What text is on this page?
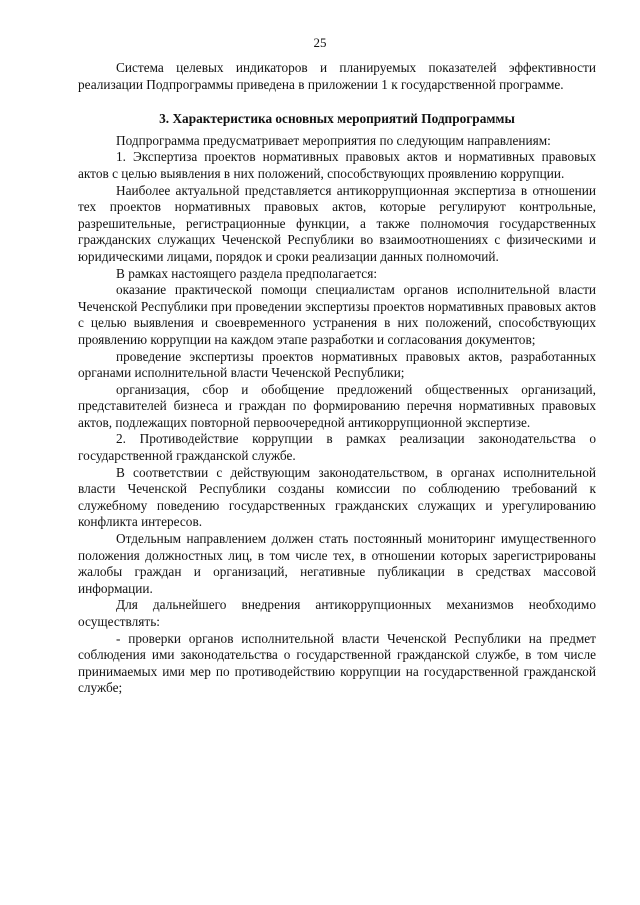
25

Система целевых индикаторов и планируемых показателей эффективности реализации Подпрограммы приведена в приложении 1 к государственной программе.

3. Характеристика основных мероприятий Подпрограммы

Подпрограмма предусматривает мероприятия по следующим направлениям:

1. Экспертиза проектов нормативных правовых актов и нормативных правовых актов с целью выявления в них положений, способствующих проявлению коррупции.

Наиболее актуальной представляется антикоррупционная экспертиза в отношении тех проектов нормативных правовых актов, которые регулируют контрольные, разрешительные, регистрационные функции, а также полномочия государственных гражданских служащих Чеченской Республики во взаимоотношениях с физическими и юридическими лицами, порядок и сроки реализации данных полномочий.

В рамках настоящего раздела предполагается:

оказание практической помощи специалистам органов исполнительной власти Чеченской Республики при проведении экспертизы проектов нормативных правовых актов с целью выявления и своевременного устранения в них положений, способствующих проявлению коррупции на каждом этапе разработки и согласования документов;

проведение экспертизы проектов нормативных правовых актов, разработанных органами исполнительной власти Чеченской Республики;

организация, сбор и обобщение предложений общественных организаций, представителей бизнеса и граждан по формированию перечня нормативных правовых актов, подлежащих повторной первоочередной антикоррупционной экспертизе.

2. Противодействие коррупции в рамках реализации законодательства о государственной гражданской службе.

В соответствии с действующим законодательством, в органах исполнительной власти Чеченской Республики созданы комиссии по соблюдению требований к служебному поведению государственных гражданских служащих и урегулированию конфликта интересов.

Отдельным направлением должен стать постоянный мониторинг имущественного положения должностных лиц, в том числе тех, в отношении которых зарегистрированы жалобы граждан и организаций, негативные публикации в средствах массовой информации.

Для дальнейшего внедрения антикоррупционных механизмов необходимо осуществлять:

- проверки органов исполнительной власти Чеченской Республики на предмет соблюдения ими законодательства о государственной гражданской службе, в том числе принимаемых ими мер по противодействию коррупции на государственной гражданской службе;
